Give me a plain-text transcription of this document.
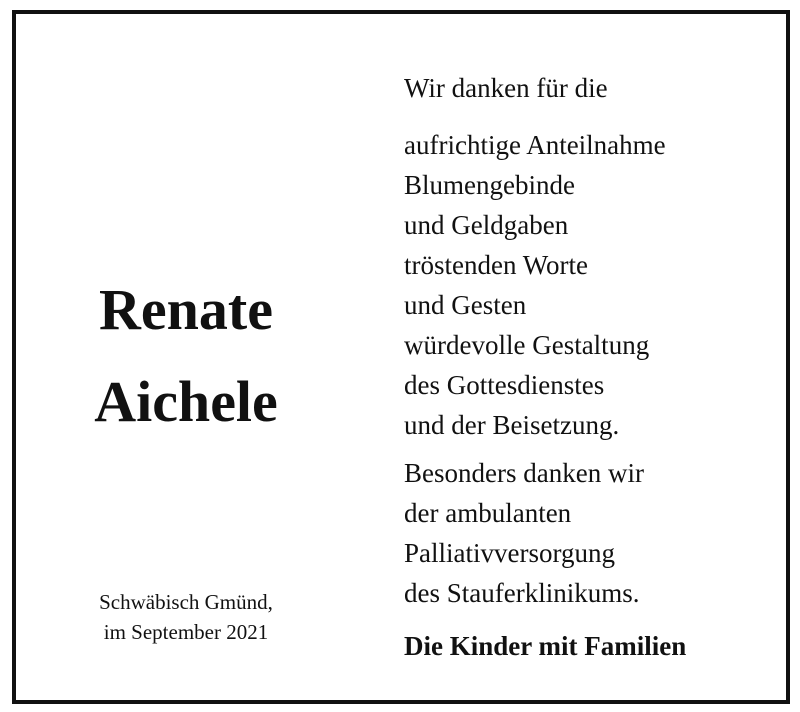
Renate
Aichele
Schwäbisch Gmünd,
im September 2021
Wir danken für die
aufrichtige Anteilnahme
Blumengebinde
und Geldgaben
tröstenden Worte
und Gesten
würdevolle Gestaltung
des Gottesdienstes
und der Beisetzung.
Besonders danken wir
der ambulanten
Palliativversorgung
des Stauferklinikums.
Die Kinder mit Familien
